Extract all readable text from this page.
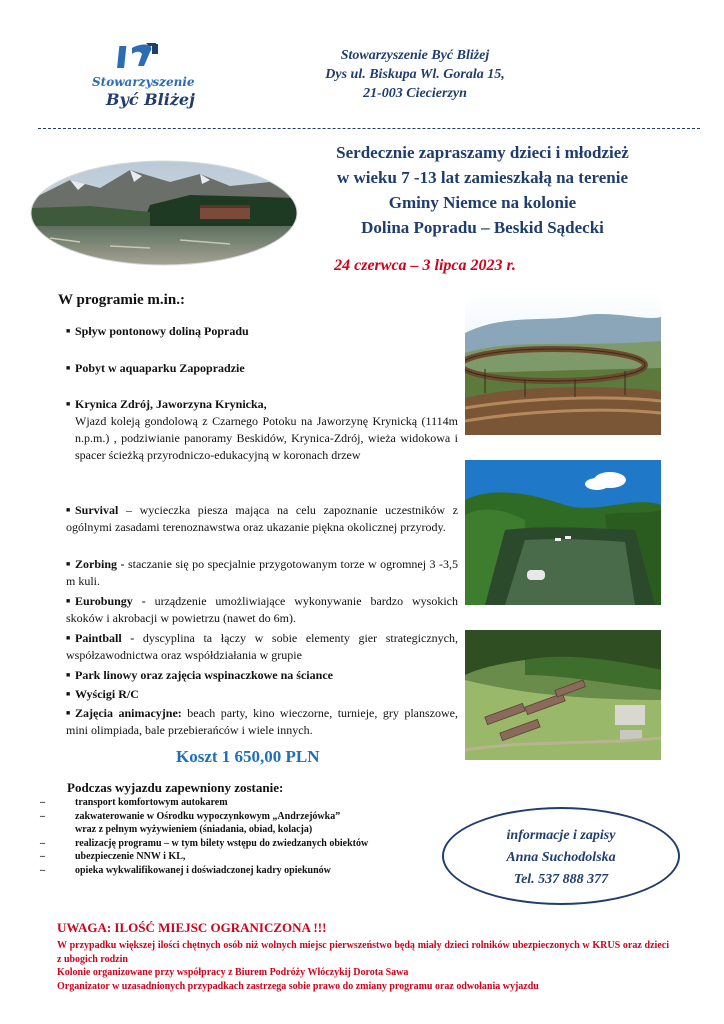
Stowarzyszenie
Być Bliżej
Stowarzyszenie Być Bliżej
Dys ul. Biskupa Wl. Gorala 15,
21-003 Ciecierzyn
Serdecznie zapraszamy dzieci i młodzież
w wieku 7 -13 lat zamieszkałą na terenie
Gminy Niemce na kolonie
Dolina Popradu – Beskid Sądecki
24 czerwca – 3 lipca 2023 r.
W programie m.in.:
■ Spływ pontonowy doliną Popradu
■ Pobyt w aquaparku Zapopradzie
■ Krynica Zdrój, Jaworzyna Krynicka,
Wjazd koleją gondolową z Czarnego Potoku na Jaworzynę Krynicką (1114m n.p.m.) , podziwianie panoramy Beskidów, Krynica-Zdrój, wieża widokowa i spacer ścieżką przyrodniczo-edukacyjną w koronach drzew
■ Survival – wycieczka piesza mająca na celu zapoznanie uczestników z ogólnymi zasadami terenoznawstwa oraz ukazanie piękna okolicznej przyrody.
■ Zorbing - staczanie się po specjalnie przygotowanym torze w ogromnej 3 -3,5 m kuli.
■ Eurobungy - urządzenie umożliwiające wykonywanie bardzo wysokich skoków i akrobacji w powietrzu (nawet do 6m).
■ Paintball - dyscyplina ta łączy w sobie elementy gier strategicznych, współzawodnictwa oraz współdziałania w grupie
■ Park linowy oraz zajęcia wspinaczkowe na ściance
■ Wyścigi R/C
■ Zajęcia animacyjne: beach party, kino wieczorne, turnieje, gry planszowe, mini olimpiada, bale przebierańców i wiele innych.
Koszt 1 650,00 PLN
Podczas wyjazdu zapewniony zostanie:
–	transport komfortowym autokarem
–	zakwaterowanie w Ośrodku wypoczynkowym „Andrzejówka”
wraz z pełnym wyżywieniem (śniadania, obiad, kolacja)
–	realizację programu – w tym bilety wstępu do zwiedzanych obiektów
–	ubezpieczenie NNW i KL,
–	opieka wykwalifikowanej i doświadczonej kadry opiekunów
informacje i zapisy
Anna Suchodolska
Tel. 537 888 377
UWAGA: ILOŚĆ MIEJSC OGRANICZONA !!!
W przypadku większej ilości chętnych osób niż wolnych miejsc pierwszeństwo będą miały dzieci rolników ubezpieczonych w KRUS oraz dzieci z ubogich rodzin
Kolonie organizowane przy współpracy z Biurem Podróży Włóczykij Dorota Sawa
Organizator w uzasadnionych przypadkach zastrzega sobie prawo do zmiany programu oraz odwołania wyjazdu
